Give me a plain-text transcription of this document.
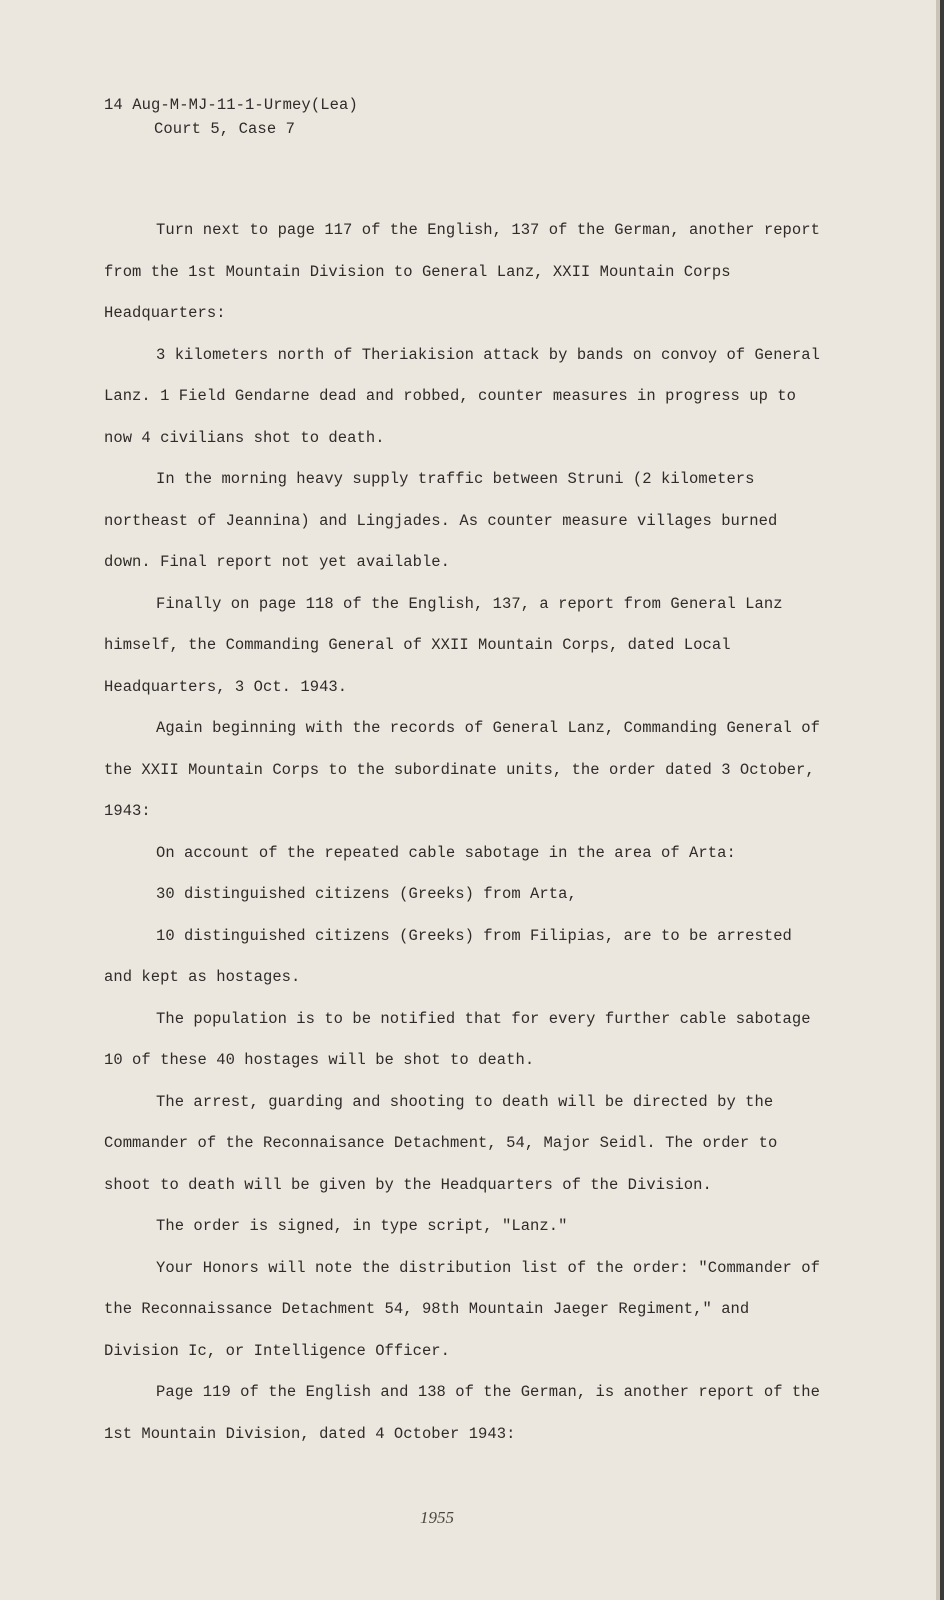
14 Aug-M-MJ-11-1-Urmey(Lea)
Court 5, Case 7

Turn next to page 117 of the English, 137 of the German, another report from the 1st Mountain Division to General Lanz, XXII Mountain Corps Headquarters:

3 kilometers north of Theriakision attack by bands on convoy of General Lanz. 1 Field Gendarne dead and robbed, counter measures in progress up to now 4 civilians shot to death.

In the morning heavy supply traffic between Struni (2 kilometers northeast of Jeannina) and Lingjades. As counter measure villages burned down. Final report not yet available.

Finally on page 118 of the English, 137, a report from General Lanz himself, the Commanding General of XXII Mountain Corps, dated Local Headquarters, 3 Oct. 1943.

Again beginning with the records of General Lanz, Commanding General of the XXII Mountain Corps to the subordinate units, the order dated 3 October, 1943:

On account of the repeated cable sabotage in the area of Arta:

30 distinguished citizens (Greeks) from Arta,

10 distinguished citizens (Greeks) from Filipias, are to be arrested and kept as hostages.

The population is to be notified that for every further cable sabotage 10 of these 40 hostages will be shot to death.

The arrest, guarding and shooting to death will be directed by the Commander of the Reconnaisance Detachment, 54, Major Seidl. The order to shoot to death will be given by the Headquarters of the Division.

The order is signed, in type script, "Lanz."

Your Honors will note the distribution list of the order: "Commander of the Reconnaissance Detachment 54, 98th Mountain Jaeger Regiment," and Division Ic, or Intelligence Officer.

Page 119 of the English and 138 of the German, is another report of the 1st Mountain Division, dated 4 October 1943:

1955
